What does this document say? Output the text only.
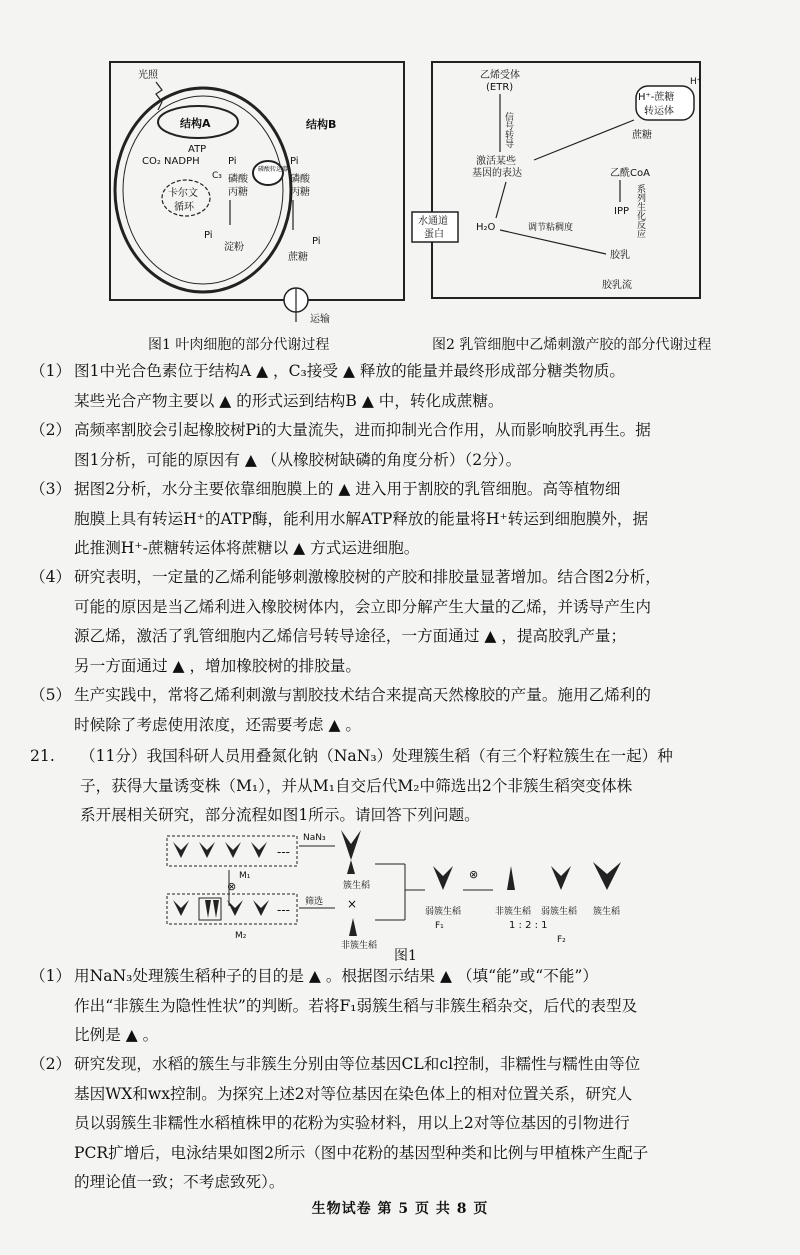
光照
结构A
ATP
CO₂ NADPH
C₃
卡尔文
循环
Pi
磷酸
丙糖
Pi
淀粉
磷酸转运器
Pi
磷酸
丙糖
Pi
蔗糖
结构B
运输
图1 叶肉细胞的部分代谢过程
乙烯受体
(ETR)
信号转导
激活某些
基因的表达
水通道
蛋白
H₂O	调节粘稠度
H⁺
H⁺-蔗糖
转运体
蔗糖
乙酰CoA
系列生化反应
IPP
胶乳
胶乳流
图2 乳管细胞中乙烯刺激产胶的部分代谢过程
（1） 图1中光合色素位于结构A ▲ ，C₃接受 ▲ 释放的能量并最终形成部分糖类物质。
某些光合产物主要以 ▲ 的形式运到结构B ▲ 中，转化成蔗糖。
（2） 高频率割胶会引起橡胶树Pi的大量流失，进而抑制光合作用，从而影响胶乳再生。据
图1分析，可能的原因有 ▲ （从橡胶树缺磷的角度分析）（2分）。
（3） 据图2分析，水分主要依靠细胞膜上的 ▲ 进入用于割胶的乳管细胞。高等植物细
胞膜上具有转运H⁺的ATP酶，能利用水解ATP释放的能量将H⁺转运到细胞膜外，据
此推测H⁺-蔗糖转运体将蔗糖以 ▲ 方式运进细胞。
（4） 研究表明，一定量的乙烯利能够刺激橡胶树的产胶和排胶量显著增加。结合图2分析，
可能的原因是当乙烯利进入橡胶树体内，会立即分解产生大量的乙烯，并诱导产生内
源乙烯，激活了乳管细胞内乙烯信号转导途径，一方面通过 ▲ ，提高胶乳产量；
另一方面通过 ▲ ，增加橡胶树的排胶量。
（5） 生产实践中，常将乙烯利刺激与割胶技术结合来提高天然橡胶的产量。施用乙烯利的
时候除了考虑使用浓度，还需要考虑 ▲ 。
21. （11分）我国科研人员用叠氮化钠（NaN₃）处理簇生稻（有三个籽粒簇生在一起）种
子，获得大量诱变株（M₁），并从M₁自交后代M₂中筛选出2个非簇生稻突变体株
系开展相关研究，部分流程如图1所示。请回答下列问题。
---
NaN₃
簇生稻
×
非簇生稻
M₁
⊗
---
M₂
筛选
弱簇生稻
F₁
⊗
非簇生稻 弱簇生稻 簇生稻
1 : 2 : 1
F₂
图1
（1） 用NaN₃处理簇生稻种子的目的是 ▲ 。根据图示结果 ▲ （填“能”或“不能”）
作出“非簇生为隐性性状”的判断。若将F₁弱簇生稻与非簇生稻杂交，后代的表型及
比例是 ▲ 。
（2） 研究发现，水稻的簇生与非簇生分别由等位基因CL和cl控制，非糯性与糯性由等位
基因WX和wx控制。为探究上述2对等位基因在染色体上的相对位置关系，研究人
员以弱簇生非糯性水稻植株甲的花粉为实验材料，用以上2对等位基因的引物进行
PCR扩增后，电泳结果如图2所示（图中花粉的基因型种类和比例与甲植株产生配子
的理论值一致；不考虑致死）。
生物试卷 第 5 页 共 8 页
